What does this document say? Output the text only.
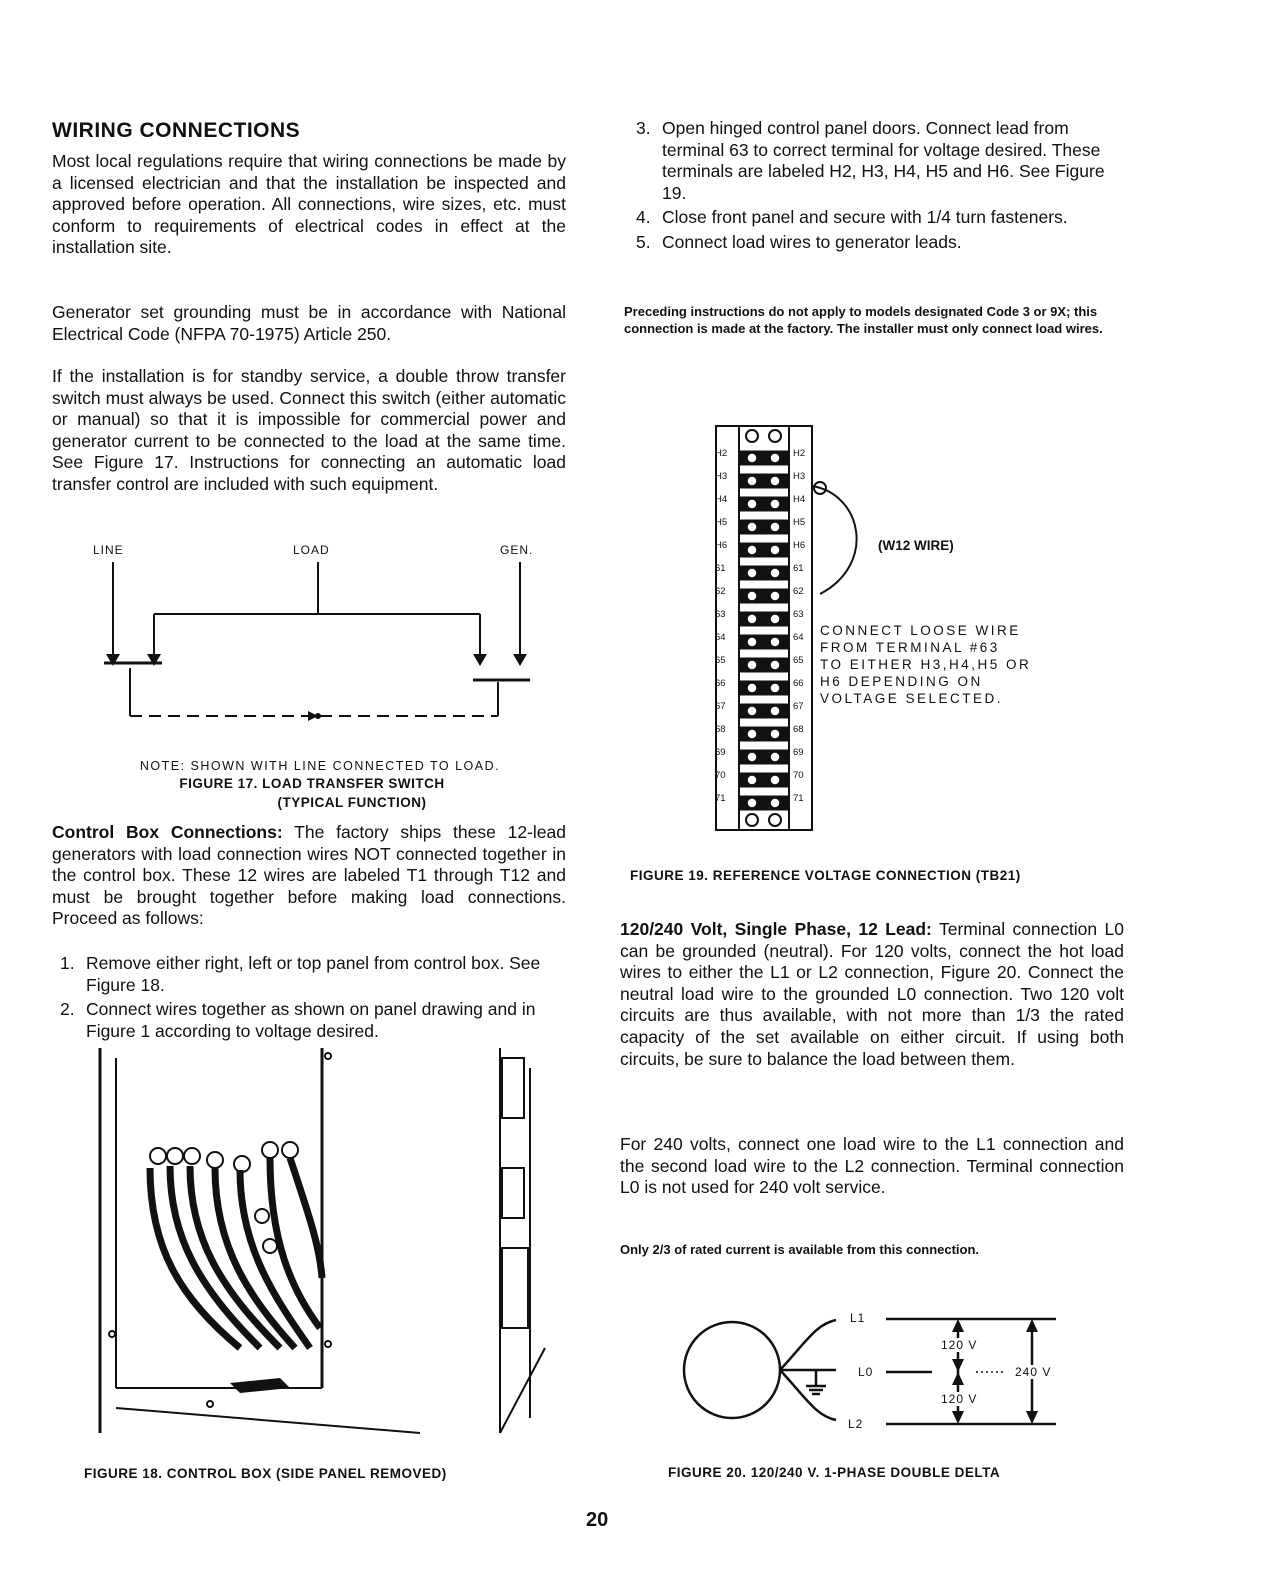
WIRING CONNECTIONS

Most local regulations require that wiring connections be made by a licensed electrician and that the installation be inspected and approved before operation. All connections, wire sizes, etc. must conform to requirements of electrical codes in effect at the installation site.

Generator set grounding must be in accordance with National Electrical Code (NFPA 70-1975) Article 250.

If the installation is for standby service, a double throw transfer switch must always be used. Connect this switch (either automatic or manual) so that it is impossible for commercial power and generator current to be connected to the load at the same time. See Figure 17. Instructions for connecting an automatic load transfer control are included with such equipment.

LINE	LOAD	GEN.
NOTE: SHOWN WITH LINE CONNECTED TO LOAD.
FIGURE 17. LOAD TRANSFER SWITCH
(TYPICAL FUNCTION)

Control Box Connections: The factory ships these 12-lead generators with load connection wires NOT connected together in the control box. These 12 wires are labeled T1 through T12 and must be brought together before making load connections. Proceed as follows:

1. Remove either right, left or top panel from control box. See Figure 18.
2. Connect wires together as shown on panel drawing and in Figure 1 according to voltage desired.
FIGURE 18. CONTROL BOX (SIDE PANEL REMOVED)
3. Open hinged control panel doors. Connect lead from terminal 63 to correct terminal for voltage desired. These terminals are labeled H2, H3, H4, H5 and H6. See Figure 19.
4. Close front panel and secure with 1/4 turn fasteners.
5. Connect load wires to generator leads.

Preceding instructions do not apply to models designated Code 3 or 9X; this connection is made at the factory. The installer must only connect load wires.

H2
H3
H4
H5
H6
61
62
63
64
65
66
67
68
69
70
71
H2
H3
H4
H5
H6
61
62
63
64
65
66
67
68
69
70
71
(W12 WIRE)
CONNECT LOOSE WIRE
FROM TERMINAL #63
TO EITHER H3,H4,H5 OR
H6 DEPENDING ON
VOLTAGE SELECTED.
FIGURE 19. REFERENCE VOLTAGE CONNECTION (TB21)

120/240 Volt, Single Phase, 12 Lead: Terminal connection L0 can be grounded (neutral). For 120 volts, connect the hot load wires to either the L1 or L2 connection, Figure 20. Connect the neutral load wire to the grounded L0 connection. Two 120 volt circuits are thus available, with not more than 1/3 the rated capacity of the set available on either circuit. If using both circuits, be sure to balance the load between them.

For 240 volts, connect one load wire to the L1 connection and the second load wire to the L2 connection. Terminal connection L0 is not used for 240 volt service.

Only 2/3 of rated current is available from this connection.

L1
L0
L2
120 V
120 V
240 V
FIGURE 20. 120/240 V. 1-PHASE DOUBLE DELTA
20
